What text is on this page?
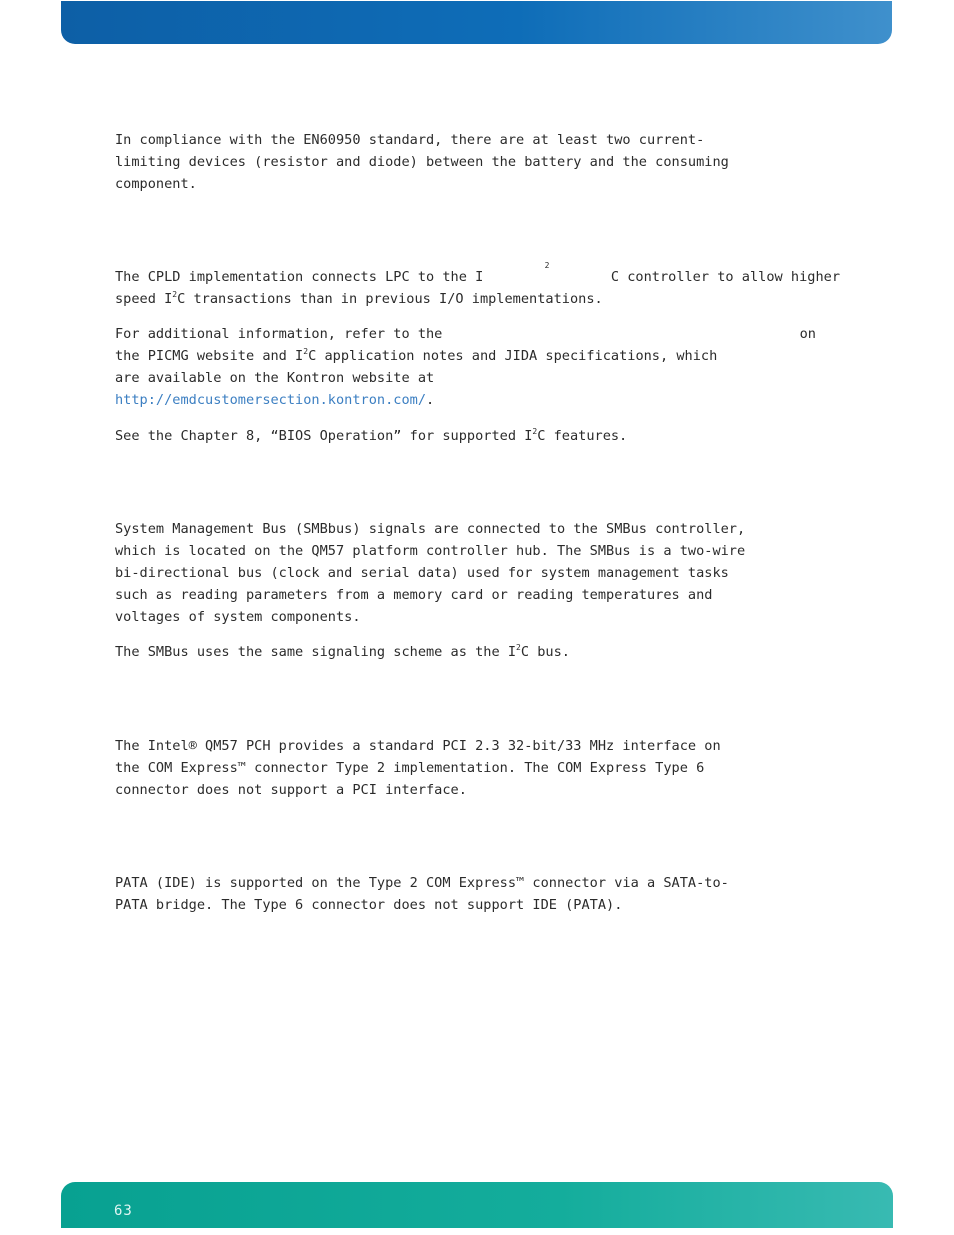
In compliance with the EN60950 standard, there are at least two current-
limiting devices (resistor and diode) between the battery and the consuming
component.

The CPLD implementation connects LPC to the I
2
C controller to allow higher
speed $I^2C$ transactions than in previous I/O implementations.

For additional information, refer to the	on
the PICMG website and $I^2C$ application notes and JIDA specifications, which
are available on the Kontron website at
http://emdcustomersection.kontron.com/.

See the Chapter 8, “BIOS Operation” for supported $I^2C$ features.

System Management Bus (SMBbus) signals are connected to the SMBus controller,
which is located on the QM57 platform controller hub. The SMBus is a two-wire
bi-directional bus (clock and serial data) used for system management tasks
such as reading parameters from a memory card or reading temperatures and
voltages of system components.

The SMBus uses the same signaling scheme as the $I^2C$ bus.

The Intel® QM57 PCH provides a standard PCI 2.3 32-bit/33 MHz interface on
the COM Express™ connector Type 2 implementation. The COM Express Type 6
connector does not support a PCI interface.

PATA (IDE) is supported on the Type 2 COM Express™ connector via a SATA-to-
PATA bridge. The Type 6 connector does not support IDE (PATA).

63
